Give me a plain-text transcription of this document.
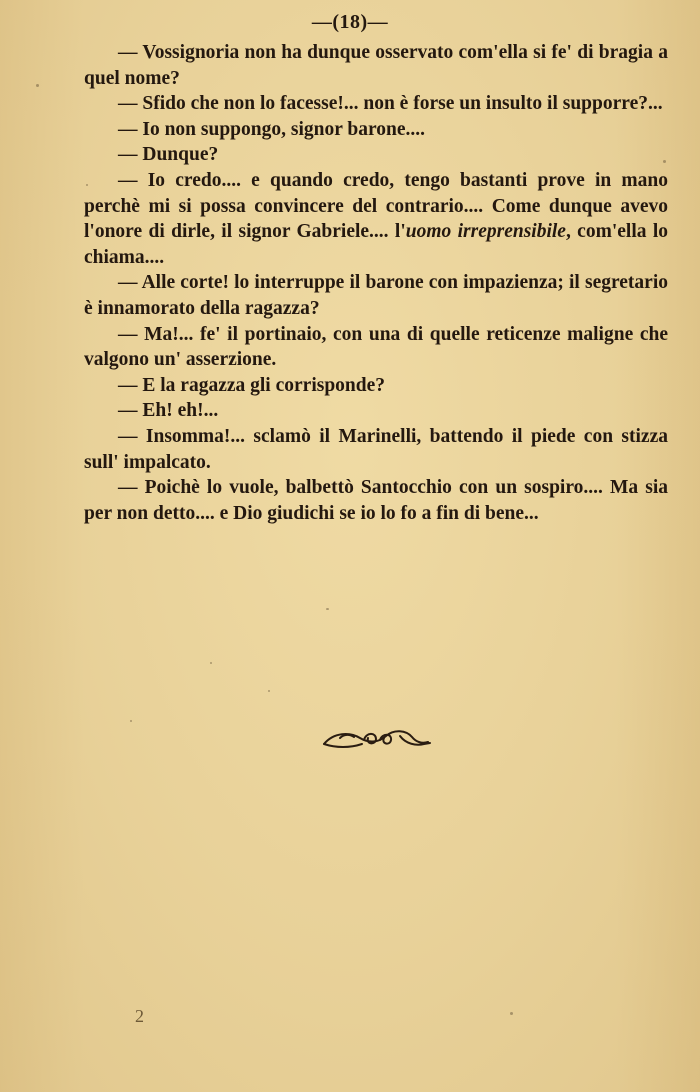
—(18)—

— Vossignoria non ha dunque osservato com'ella si fe' di bragia a quel nome?

— Sfido che non lo facesse!... non è forse un insulto il supporre?...

— Io non suppongo, signor barone....

— Dunque?

— Io credo.... e quando credo, tengo bastanti prove in mano perchè mi si possa convincere del contrario.... Come dunque avevo l'onore di dirle, il signor Gabriele.... l'uomo irreprensibile, com'ella lo chiama....

— Alle corte! lo interruppe il barone con impazienza; il segretario è innamorato della ragazza?

— Ma!... fe' il portinaio, con una di quelle reticenze maligne che valgono un' asserzione.

— E la ragazza gli corrisponde?

— Eh! eh!...

— Insomma!... sclamò il Marinelli, battendo il piede con stizza sull' impalcato.

— Poichè lo vuole, balbettò Santocchio con un sospiro.... Ma sia per non detto.... e Dio giudichi se io lo fo a fin di bene...

2
